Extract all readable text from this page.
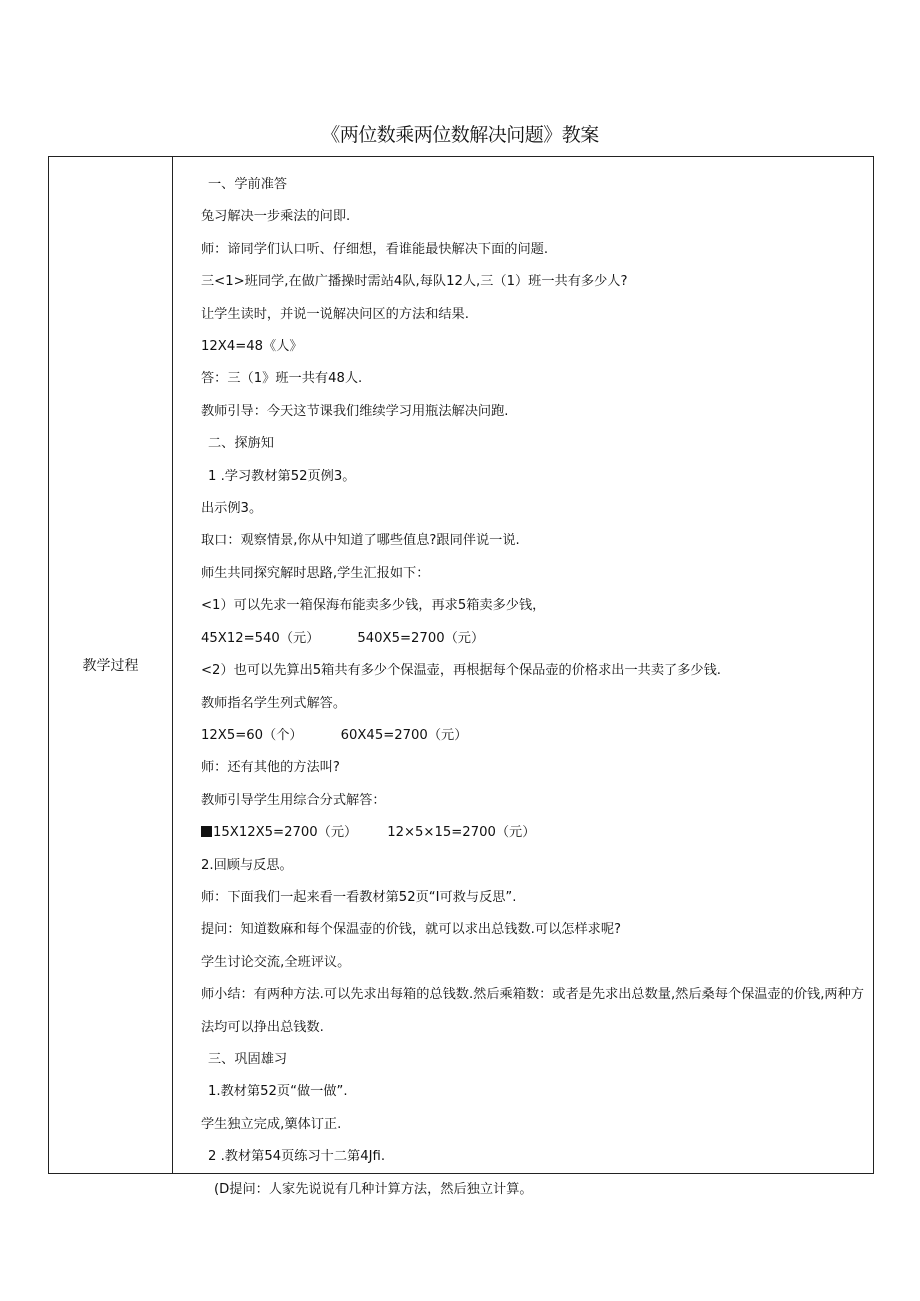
《两位数乘两位数解决问题》教案
教学过程

一、学前准答

兔习解决一步乘法的问即.

师：谛同学们认口听、仔细想，看谁能最快解决下面的问题.

三<1>班同学,在做广播操时需站4队,每队12人,三（1）班一共有多少人?

让学生读时，并说一说解决问区的方法和结果.

12X4=48《人》

答：三（1》班一共有48人.

教师引导：今天这节课我们维续学习用瓶法解决问跑.

二、探旃知

1 .学习教材第52页例3。

出示例3。

取口：观察情景,你从中知道了哪些值息?跟同伴说一说.

师生共同探究解时思路,学生汇报如下：

<1）可以先求一箱保海布能卖多少钱，再求5箱卖多少钱，

45X12=540（元）	540X5=2700（元）

<2）也可以先算出5箱共有多少个保温壶，再根据每个保品壶的价格求出一共卖了多少钱.

教师指名学生列式解答。

12X5=60（个）	60X45=2700（元）

师：还有其他的方法叫?

教师引导学生用综合分式解答：

15X12X5=2700（元） 12×5×15=2700（元）

2.回顾与反思。

师：下面我们一起来看一看教材第52页“I可救与反思”.

提问：知道数麻和每个保温壶的价钱，就可以求出总钱数.可以怎样求呢?

学生讨论交流,全班评议。

师小结：有两种方法.可以先求出每箱的总钱数.然后乘箱数：或者是先求出总数量,然后桑每个保温壶的价钱,两种方法均可以挣出总钱数.

三、巩固雄习

1.教材第52页“做一做”.

学生独立完成,篥体订正.

2 .教材第54页练习十二第4Jfi.

(D提问：人家先说说有几种计算方法，然后独立计算。
